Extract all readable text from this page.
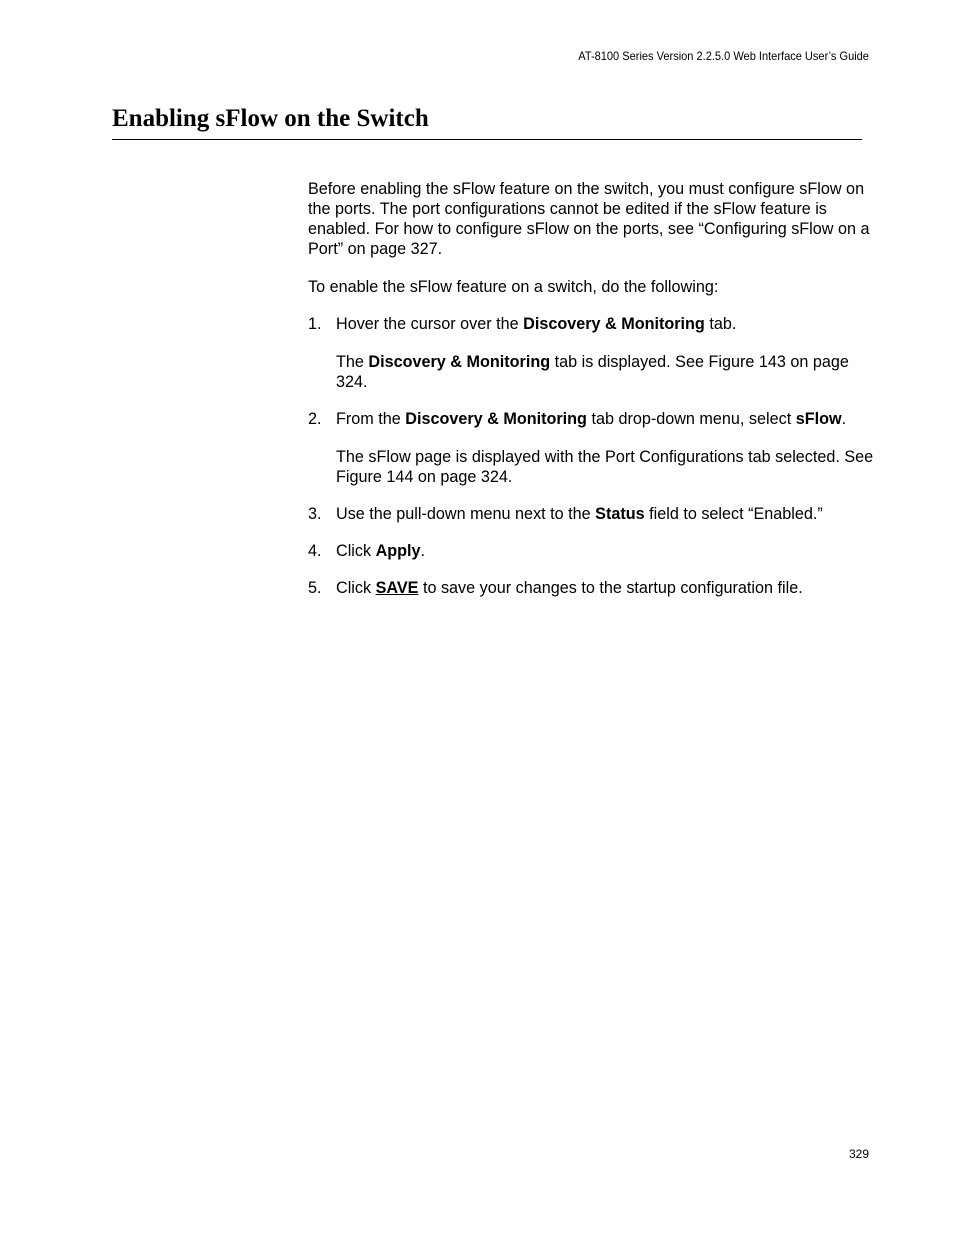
AT-8100 Series Version 2.2.5.0 Web Interface User’s Guide
Enabling sFlow on the Switch

Before enabling the sFlow feature on the switch, you must configure sFlow on the ports. The port configurations cannot be edited if the sFlow feature is enabled. For how to configure sFlow on the ports, see “Configuring sFlow on a Port” on page 327.

To enable the sFlow feature on a switch, do the following:

1. Hover the cursor over the Discovery & Monitoring tab.

The Discovery & Monitoring tab is displayed. See Figure 143 on page 324.

2. From the Discovery & Monitoring tab drop-down menu, select sFlow.

The sFlow page is displayed with the Port Configurations tab selected. See Figure 144 on page 324.

3. Use the pull-down menu next to the Status field to select “Enabled.”

4. Click Apply.

5. Click SAVE to save your changes to the startup configuration file.

329
